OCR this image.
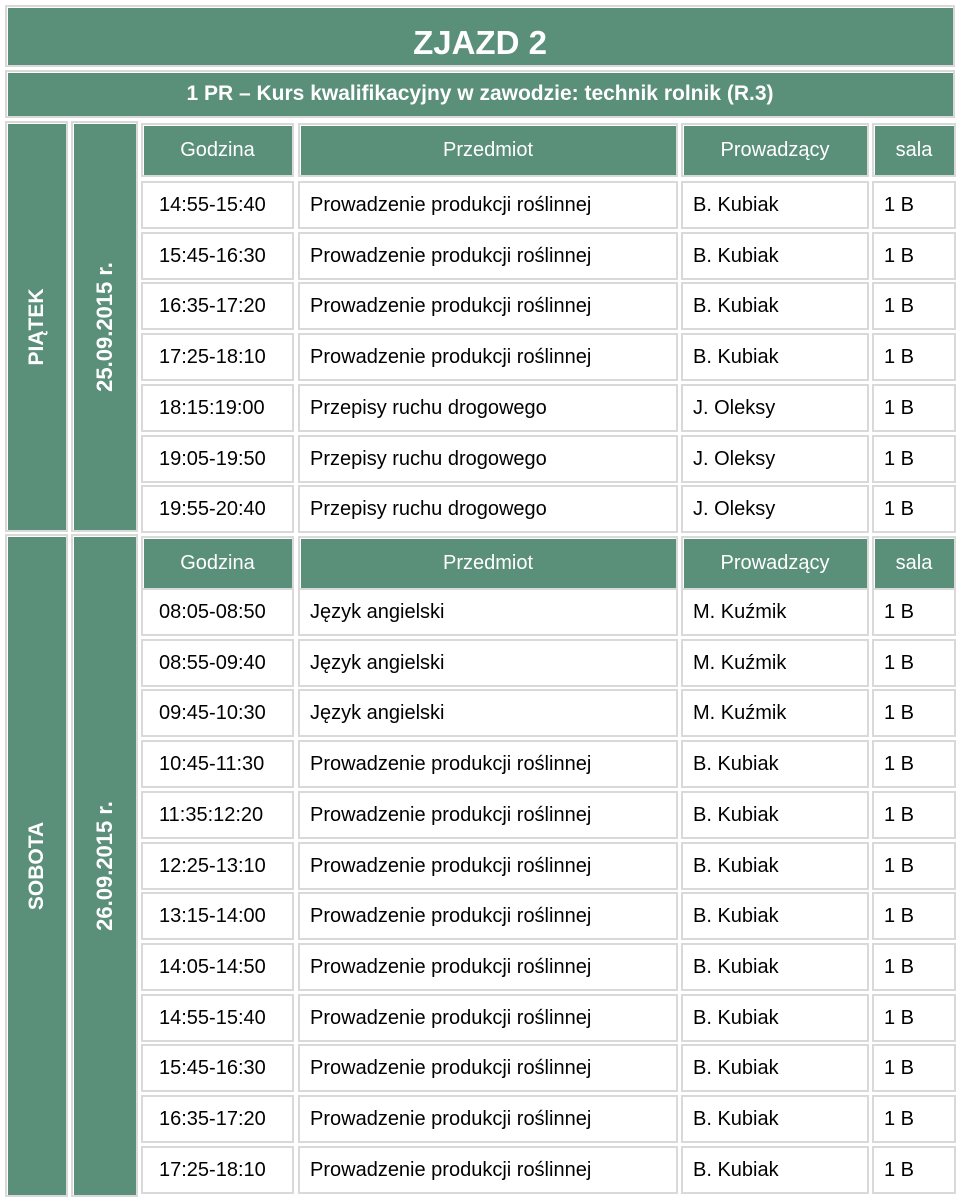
ZJAZD 2
1 PR – Kurs kwalifikacyjny w zawodzie: technik rolnik (R.3)
PIĄTEK 25.09.2015 r.
Godzina	Przedmiot	Prowadzący	sala
14:55-15:40	Prowadzenie produkcji roślinnej	B. Kubiak	1 B
15:45-16:30	Prowadzenie produkcji roślinnej	B. Kubiak	1 B
16:35-17:20	Prowadzenie produkcji roślinnej	B. Kubiak	1 B
17:25-18:10	Prowadzenie produkcji roślinnej	B. Kubiak	1 B
18:15:19:00	Przepisy ruchu drogowego	J. Oleksy	1 B
19:05-19:50	Przepisy ruchu drogowego	J. Oleksy	1 B
19:55-20:40	Przepisy ruchu drogowego	J. Oleksy	1 B
SOBOTA 26.09.2015 r.
Godzina	Przedmiot	Prowadzący	sala
08:05-08:50	Język angielski	M. Kuźmik	1 B
08:55-09:40	Język angielski	M. Kuźmik	1 B
09:45-10:30	Język angielski	M. Kuźmik	1 B
10:45-11:30	Prowadzenie produkcji roślinnej	B. Kubiak	1 B
11:35:12:20	Prowadzenie produkcji roślinnej	B. Kubiak	1 B
12:25-13:10	Prowadzenie produkcji roślinnej	B. Kubiak	1 B
13:15-14:00	Prowadzenie produkcji roślinnej	B. Kubiak	1 B
14:05-14:50	Prowadzenie produkcji roślinnej	B. Kubiak	1 B
14:55-15:40	Prowadzenie produkcji roślinnej	B. Kubiak	1 B
15:45-16:30	Prowadzenie produkcji roślinnej	B. Kubiak	1 B
16:35-17:20	Prowadzenie produkcji roślinnej	B. Kubiak	1 B
17:25-18:10	Prowadzenie produkcji roślinnej	B. Kubiak	1 B
